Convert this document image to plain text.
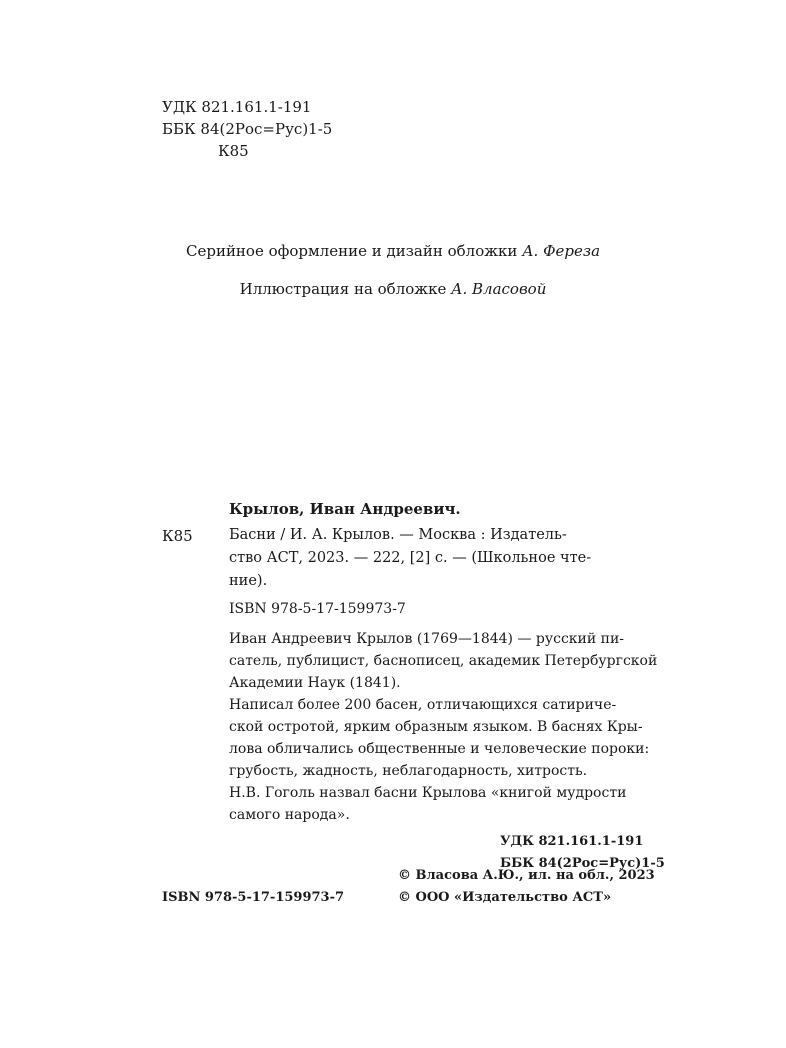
УДК 821.161.1-191
ББК 84(2Рос=Рус)1-5
К85
Серийное оформление и дизайн обложки А. Фереза
Иллюстрация на обложке А. Власовой
Крылов, Иван Андреевич.
К85	Басни / И. А. Крылов. — Москва : Издатель-
ство АСТ, 2023. — 222, [2] с. — (Школьное чте-
ние).
ISBN 978-5-17-159973-7
Иван Андреевич Крылов (1769—1844) — русский пи-
сатель, публицист, баснописец, академик Петербургской
Академии Наук (1841).
Написал более 200 басен, отличающихся сатириче-
ской остротой, ярким образным языком. В баснях Кры-
лова обличались общественные и человеческие пороки:
грубость, жадность, неблагодарность, хитрость.
Н.В. Гоголь назвал басни Крылова «книгой мудрости
самого народа».
УДК 821.161.1-191
ББК 84(2Рос=Рус)1-5
ISBN 978-5-17-159973-7
© Власова А.Ю., ил. на обл., 2023
© ООО «Издательство АСТ»
